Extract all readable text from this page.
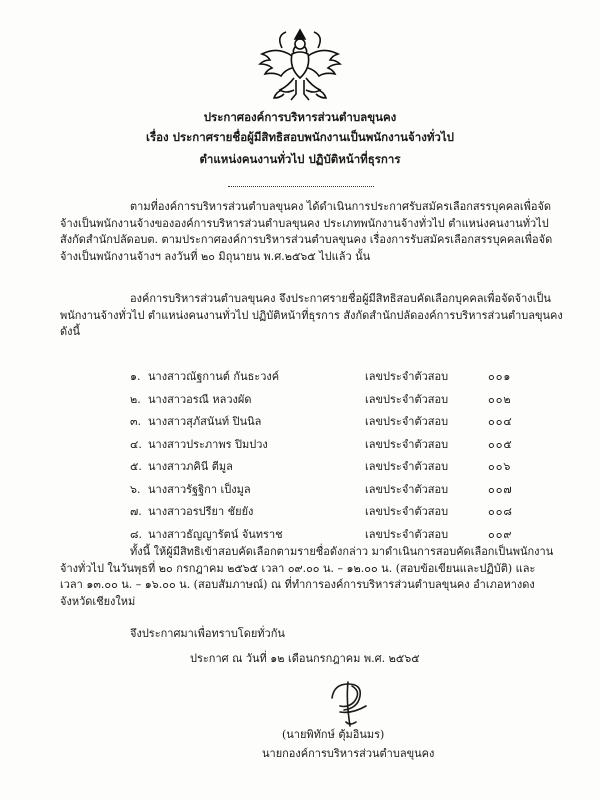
ประกาศองค์การบริหารส่วนตำบลขุนคง
เรื่อง ประกาศรายชื่อผู้มีสิทธิสอบพนักงานเป็นพนักงานจ้างทั่วไป
ตำแหน่งคนงานทั่วไป ปฏิบัติหน้าที่ธุรการ

ตามที่องค์การบริหารส่วนตำบลขุนคง ได้ดำเนินการประกาศรับสมัครเลือกสรรบุคคลเพื่อจัด

จ้างเป็นพนักงานจ้างขององค์การบริหารส่วนตำบลขุนคง ประเภทพนักงานจ้างทั่วไป ตำแหน่งคนงานทั่วไป

สังกัดสำนักปลัดอบต. ตามประกาศองค์การบริหารส่วนตำบลขุนคง เรื่องการรับสมัครเลือกสรรบุคคลเพื่อจัด

จ้างเป็นพนักงานจ้างฯ ลงวันที่ ๒๐ มิถุนายน พ.ศ.๒๕๖๕ ไปแล้ว นั้น

องค์การบริหารส่วนตำบลขุนคง จึงประกาศรายชื่อผู้มีสิทธิสอบคัดเลือกบุคคลเพื่อจัดจ้างเป็น

พนักงานจ้างทั่วไป ตำแหน่งคนงานทั่วไป ปฏิบัติหน้าที่ธุรการ สังกัดสำนักปลัดองค์การบริหารส่วนตำบลขุนคง

ดังนี้

๑. นางสาวณัฐกานต์ กันธะวงค์	เลขประจำตัวสอบ	๐๐๑
๒. นางสาวอรณี หลวงผัด	เลขประจำตัวสอบ	๐๐๒
๓. นางสาวสุภัสนันท์ ปินนิล	เลขประจำตัวสอบ	๐๐๔
๔. นางสาวประภาพร ปิมปวง	เลขประจำตัวสอบ	๐๐๕
๕. นางสาวภคินี ตีมูล	เลขประจำตัวสอบ	๐๐๖
๖. นางสาวรัฐฐิกา เป็งมูล	เลขประจำตัวสอบ	๐๐๗
๗. นางสาวอรปรียา ชัยยัง	เลขประจำตัวสอบ	๐๐๘
๘. นางสาวธัญญารัตน์ จันทราช	เลขประจำตัวสอบ	๐๐๙

ทั้งนี้ ให้ผู้มีสิทธิเข้าสอบคัดเลือกตามรายชื่อดังกล่าว มาดำเนินการสอบคัดเลือกเป็นพนักงาน

จ้างทั่วไป ในวันพุธที่ ๒๐ กรกฎาคม ๒๕๖๕ เวลา ๐๙.๐๐ น. – ๑๒.๐๐ น. (สอบข้อเขียนและปฏิบัติ) และ

เวลา ๑๓.๐๐ น. – ๑๖.๐๐ น. (สอบสัมภาษณ์) ณ ที่ทำการองค์การบริหารส่วนตำบลขุนคง อำเภอหางดง

จังหวัดเชียงใหม่

จึงประกาศมาเพื่อทราบโดยทั่วกัน

ประกาศ ณ วันที่ ๑๒ เดือนกรกฎาคม พ.ศ. ๒๕๖๕

(นายพิทักษ์ ตุ้มอินมร)
นายกองค์การบริหารส่วนตำบลขุนคง
